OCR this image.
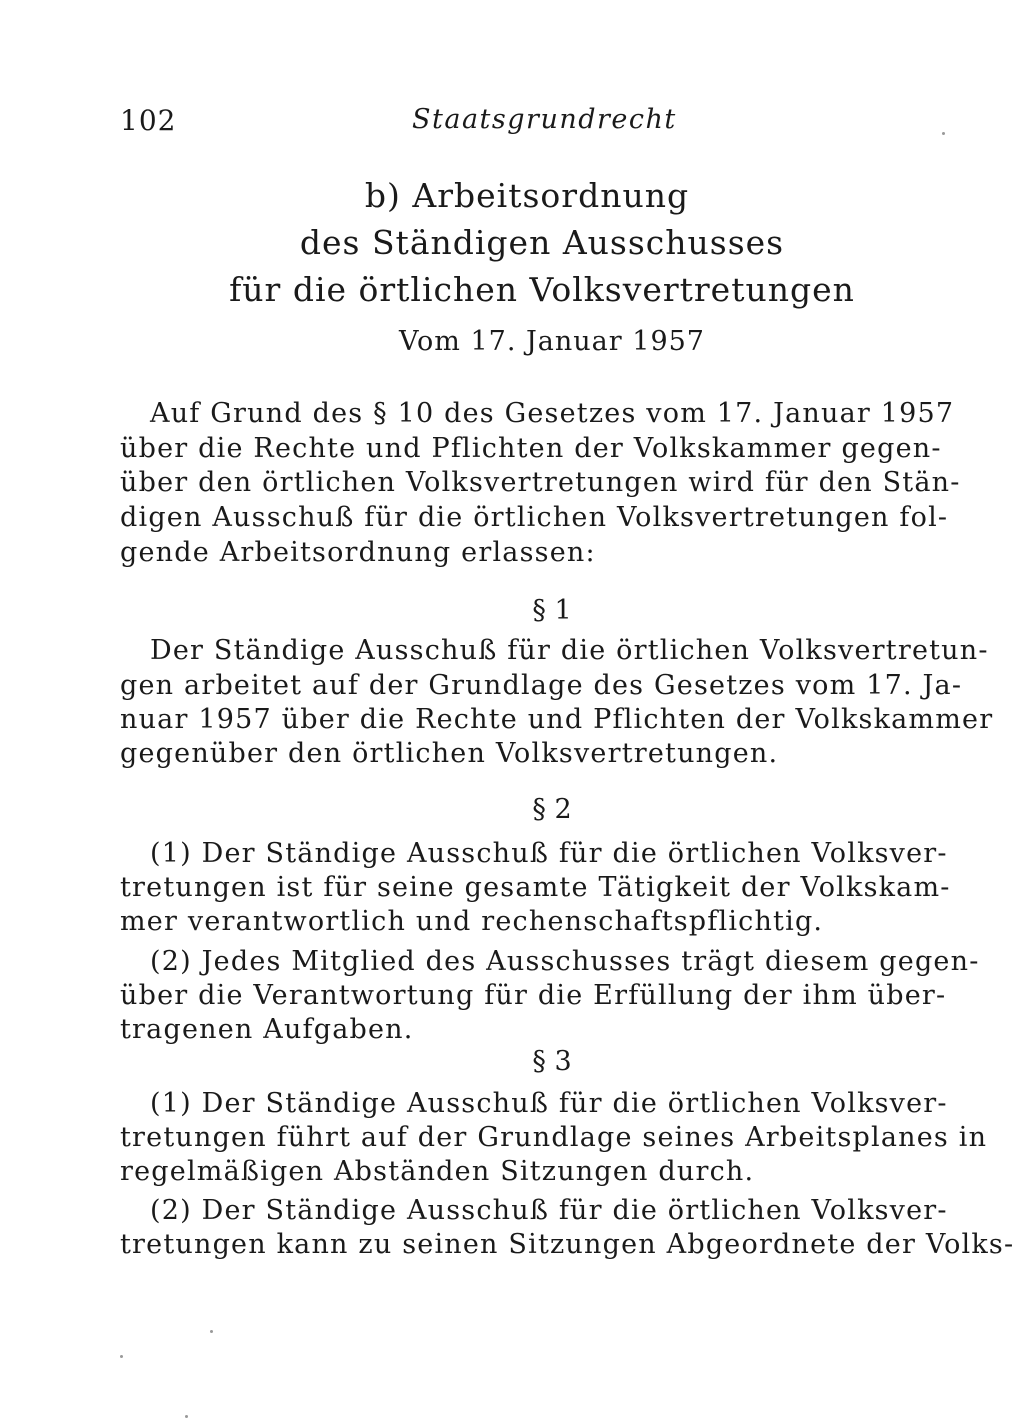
102	Staatsgrundrecht
b) Arbeitsordnung
des Ständigen Ausschusses
für die örtlichen Volksvertretungen
Vom 17. Januar 1957
Auf Grund des § 10 des Gesetzes vom 17. Januar 1957
über die Rechte und Pflichten der Volkskammer gegen-
über den örtlichen Volksvertretungen wird für den Stän-
digen Ausschuß für die örtlichen Volksvertretungen fol-
gende Arbeitsordnung erlassen:
§ 1
Der Ständige Ausschuß für die örtlichen Volksvertretun-
gen arbeitet auf der Grundlage des Gesetzes vom 17. Ja-
nuar 1957 über die Rechte und Pflichten der Volkskammer
gegenüber den örtlichen Volksvertretungen.
§ 2
(1) Der Ständige Ausschuß für die örtlichen Volksver-
tretungen ist für seine gesamte Tätigkeit der Volkskam-
mer verantwortlich und rechenschaftspflichtig.
(2) Jedes Mitglied des Ausschusses trägt diesem gegen-
über die Verantwortung für die Erfüllung der ihm über-
tragenen Aufgaben.
§ 3
(1) Der Ständige Ausschuß für die örtlichen Volksver-
tretungen führt auf der Grundlage seines Arbeitsplanes in
regelmäßigen Abständen Sitzungen durch.
(2) Der Ständige Ausschuß für die örtlichen Volksver-
tretungen kann zu seinen Sitzungen Abgeordnete der Volks-
